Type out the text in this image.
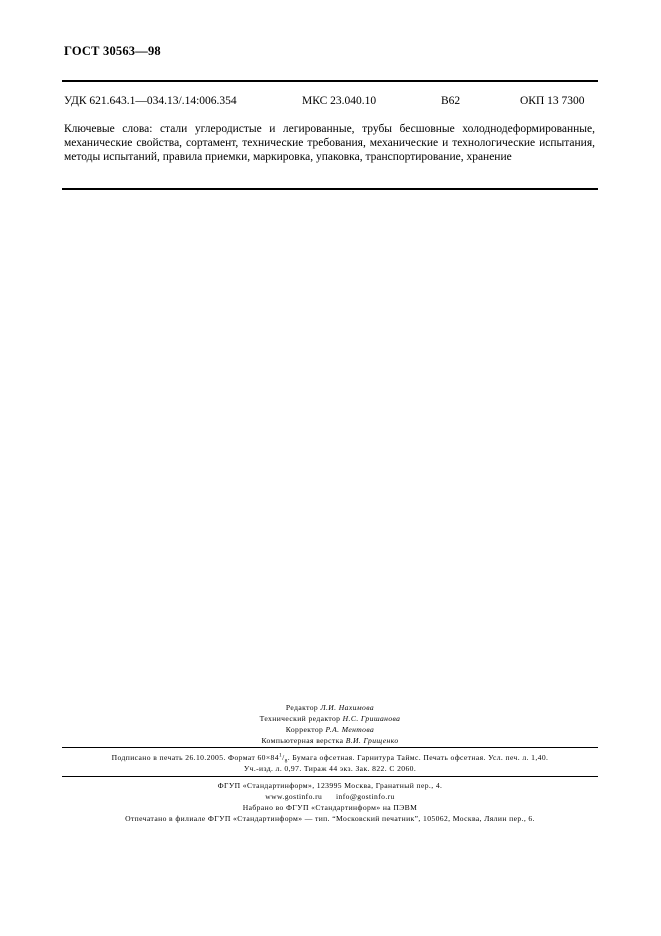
ГОСТ 30563—98
УДК 621.643.1—034.13/.14:006.354	МКС 23.040.10	В62	ОКП 13 7300
Ключевые слова: стали углеродистые и легированные, трубы бесшовные холоднодеформированные, механические свойства, сортамент, технические требования, механические и технологические испытания, методы испытаний, правила приемки, маркировка, упаковка, транспортирование, хранение
Редактор Л.И. Нахимова
Технический редактор Н.С. Гришанова
Корректор Р.А. Ментова
Компьютерная верстка В.И. Грищенко
Подписано в печать 26.10.2005. Формат $60\times 84^1/_8$. Бумага офсетная. Гарнитура Таймс. Печать офсетная. Усл. печ. л. 1,40.
Уч.-изд. л. 0,97. Тираж 44 экз. Зак. 822. С 2060.
ФГУП «Стандартинформ», 123995 Москва, Гранатный пер., 4.
www.gostinfo.ru info@gostinfo.ru
Набрано во ФГУП «Стандартинформ» на ПЭВМ
Отпечатано в филиале ФГУП «Стандартинформ» — тип. “Московский печатник”, 105062, Москва, Лялин пер., 6.
